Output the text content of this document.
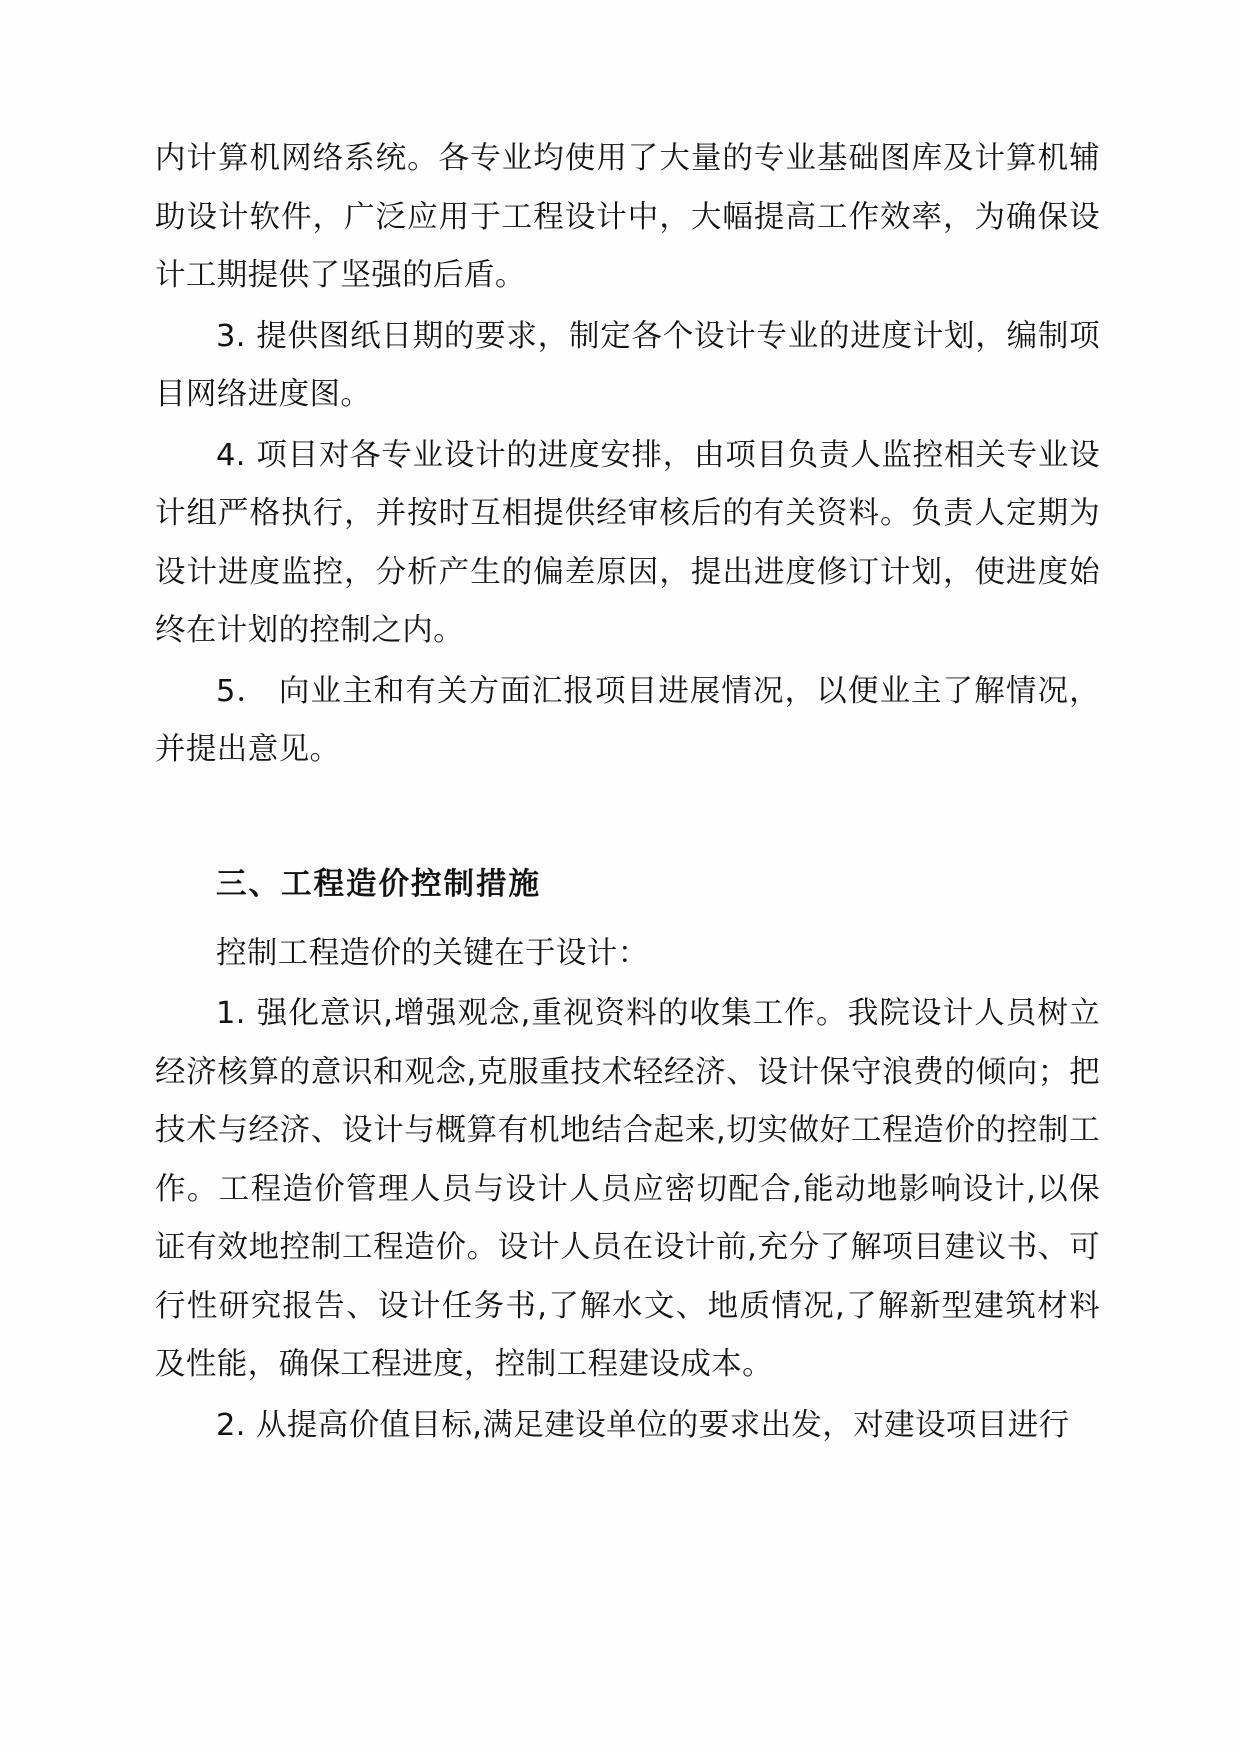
内计算机网络系统。各专业均使用了大量的专业基础图库及计算机辅助设计软件，广泛应用于工程设计中，大幅提高工作效率，为确保设计工期提供了坚强的后盾。

3. 提供图纸日期的要求，制定各个设计专业的进度计划，编制项目网络进度图。

4. 项目对各专业设计的进度安排，由项目负责人监控相关专业设计组严格执行，并按时互相提供经审核后的有关资料。负责人定期为设计进度监控，分析产生的偏差原因，提出进度修订计划，使进度始终在计划的控制之内。

5． 向业主和有关方面汇报项目进展情况，以便业主了解情况，并提出意见。

三、工程造价控制措施

控制工程造价的关键在于设计：

1. 强化意识,增强观念,重视资料的收集工作。我院设计人员树立经济核算的意识和观念,克服重技术轻经济、设计保守浪费的倾向；把技术与经济、设计与概算有机地结合起来,切实做好工程造价的控制工作。工程造价管理人员与设计人员应密切配合,能动地影响设计,以保证有效地控制工程造价。设计人员在设计前,充分了解项目建议书、可行性研究报告、设计任务书,了解水文、地质情况,了解新型建筑材料及性能，确保工程进度，控制工程建设成本。

2. 从提高价值目标,满足建设单位的要求出发，对建设项目进行
